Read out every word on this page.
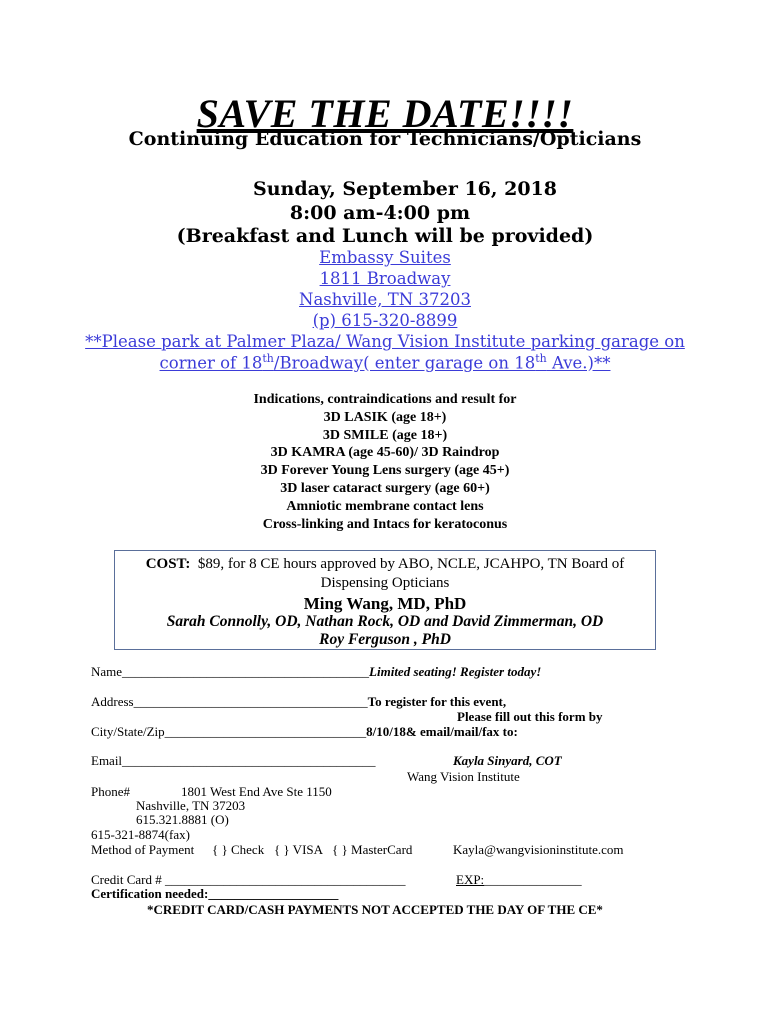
SAVE THE DATE!!!!
Continuing Education for Technicians/Opticians
Sunday, September 16, 2018
8:00 am-4:00 pm
(Breakfast and Lunch will be provided)
Embassy Suites
1811 Broadway
Nashville, TN 37203
(p) 615-320-8899
**Please park at Palmer Plaza/ Wang Vision Institute parking garage on
corner of 18th/Broadway( enter garage on 18th Ave.)**
Indications, contraindications and result for
3D LASIK (age 18+)
3D SMILE (age 18+)
3D KAMRA (age 45-60)/ 3D Raindrop
3D Forever Young Lens surgery (age 45+)
3D laser cataract surgery (age 60+)
Amniotic membrane contact lens
Cross-linking and Intacs for keratoconus
COST: $89, for 8 CE hours approved by ABO, NCLE, JCAHPO, TN Board of
Dispensing Opticians
Ming Wang, MD, PhD
Sarah Connolly, OD, Nathan Rock, OD and David Zimmerman, OD
Roy Ferguson , PhD
Name______________________________________Limited seating! Register today!
Address____________________________________To register for this event,
Please fill out this form by
City/State/Zip_______________________________8/10/18& email/mail/fax to:
Email_______________________________________	Kayla Sinyard, COT
Wang Vision Institute
Phone#	1801 West End Ave Ste 1150
Nashville, TN 37203
615.321.8881 (O)
615-321-8874(fax)
Method of Payment { } Check   { } VISA   { } MasterCard	Kayla@wangvisioninstitute.com
Credit Card # _____________________________________	EXP:_______________
Certification needed:____________________
*CREDIT CARD/CASH PAYMENTS NOT ACCEPTED THE DAY OF THE CE*
